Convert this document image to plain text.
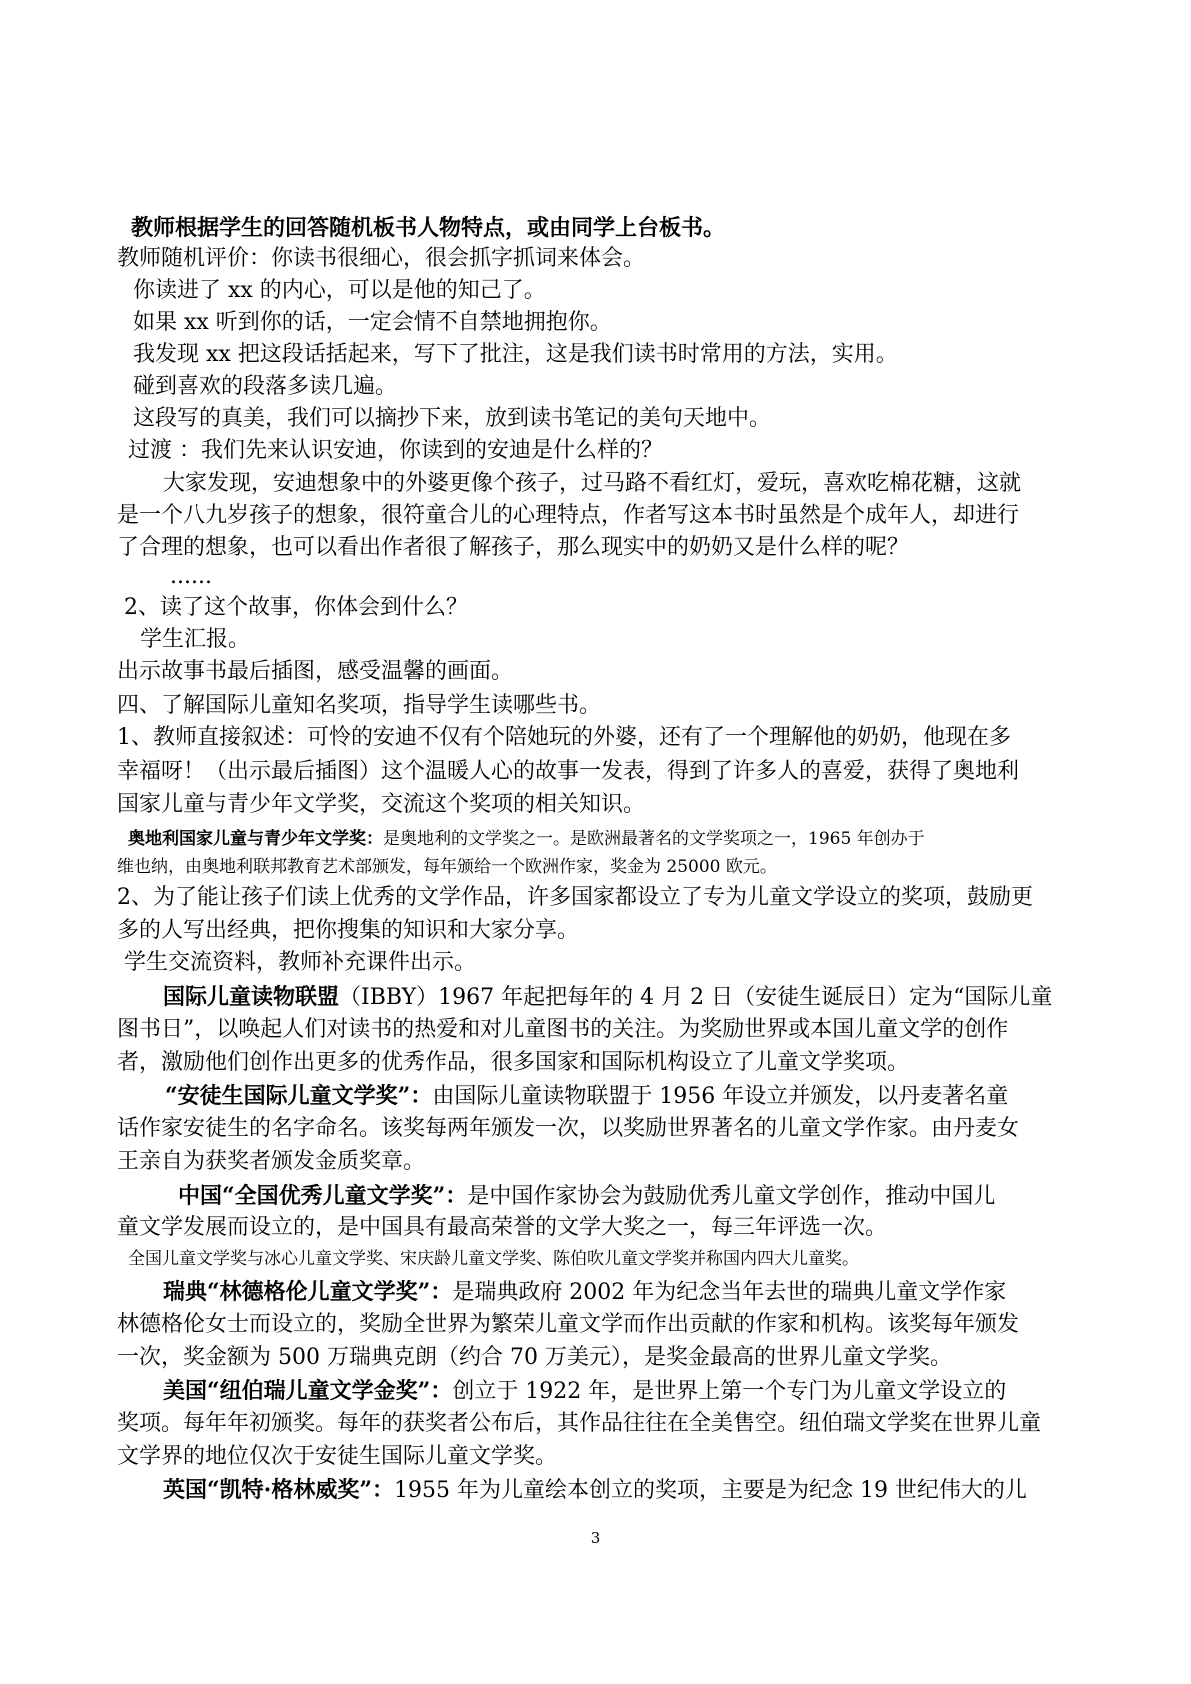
教师根据学生的回答随机板书人物特点，或由同学上台板书。
教师随机评价：你读书很细心，很会抓字抓词来体会。
你读进了 xx 的内心，可以是他的知己了。
如果 xx 听到你的话，一定会情不自禁地拥抱你。
我发现 xx 把这段话括起来，写下了批注，这是我们读书时常用的方法，实用。
碰到喜欢的段落多读几遍。
这段写的真美，我们可以摘抄下来，放到读书笔记的美句天地中。
过渡 ：我们先来认识安迪，你读到的安迪是什么样的？
大家发现，安迪想象中的外婆更像个孩子，过马路不看红灯，爱玩，喜欢吃棉花糖，这就
是一个八九岁孩子的想象，很符童合儿的心理特点，作者写这本书时虽然是个成年人，却进行
了合理的想象，也可以看出作者很了解孩子，那么现实中的奶奶又是什么样的呢？
......
2、读了这个故事，你体会到什么？
学生汇报。
出示故事书最后插图，感受温馨的画面。
四、了解国际儿童知名奖项，指导学生读哪些书。
1、教师直接叙述：可怜的安迪不仅有个陪她玩的外婆，还有了一个理解他的奶奶，他现在多
幸福呀！（出示最后插图）这个温暖人心的故事一发表，得到了许多人的喜爱，获得了奥地利
国家儿童与青少年文学奖，交流这个奖项的相关知识。
奥地利国家儿童与青少年文学奖：是奥地利的文学奖之一。是欧洲最著名的文学奖项之一，1965 年创办于
维也纳，由奥地利联邦教育艺术部颁发，每年颁给一个欧洲作家，奖金为 25000 欧元。
2、为了能让孩子们读上优秀的文学作品，许多国家都设立了专为儿童文学设立的奖项，鼓励更
多的人写出经典，把你搜集的知识和大家分享。
学生交流资料，教师补充课件出示。
国际儿童读物联盟（IBBY）1967 年起把每年的 4 月 2 日（安徒生诞辰日）定为“国际儿童
图书日”，以唤起人们对读书的热爱和对儿童图书的关注。为奖励世界或本国儿童文学的创作
者，激励他们创作出更多的优秀作品，很多国家和国际机构设立了儿童文学奖项。
“安徒生国际儿童文学奖”：由国际儿童读物联盟于 1956 年设立并颁发，以丹麦著名童
话作家安徒生的名字命名。该奖每两年颁发一次，以奖励世界著名的儿童文学作家。由丹麦女
王亲自为获奖者颁发金质奖章。
中国“全国优秀儿童文学奖”：是中国作家协会为鼓励优秀儿童文学创作，推动中国儿
童文学发展而设立的，是中国具有最高荣誉的文学大奖之一，每三年评选一次。
全国儿童文学奖与冰心儿童文学奖、宋庆龄儿童文学奖、陈伯吹儿童文学奖并称国内四大儿童奖。
瑞典“林德格伦儿童文学奖”：是瑞典政府 2002 年为纪念当年去世的瑞典儿童文学作家
林德格伦女士而设立的，奖励全世界为繁荣儿童文学而作出贡献的作家和机构。该奖每年颁发
一次，奖金额为 500 万瑞典克朗（约合 70 万美元），是奖金最高的世界儿童文学奖。
美国“纽伯瑞儿童文学金奖”：创立于 1922 年，是世界上第一个专门为儿童文学设立的
奖项。每年年初颁奖。每年的获奖者公布后，其作品往往在全美售空。纽伯瑞文学奖在世界儿童
文学界的地位仅次于安徒生国际儿童文学奖。
英国“凯特·格林威奖”：1955 年为儿童绘本创立的奖项，主要是为纪念 19 世纪伟大的儿
3
